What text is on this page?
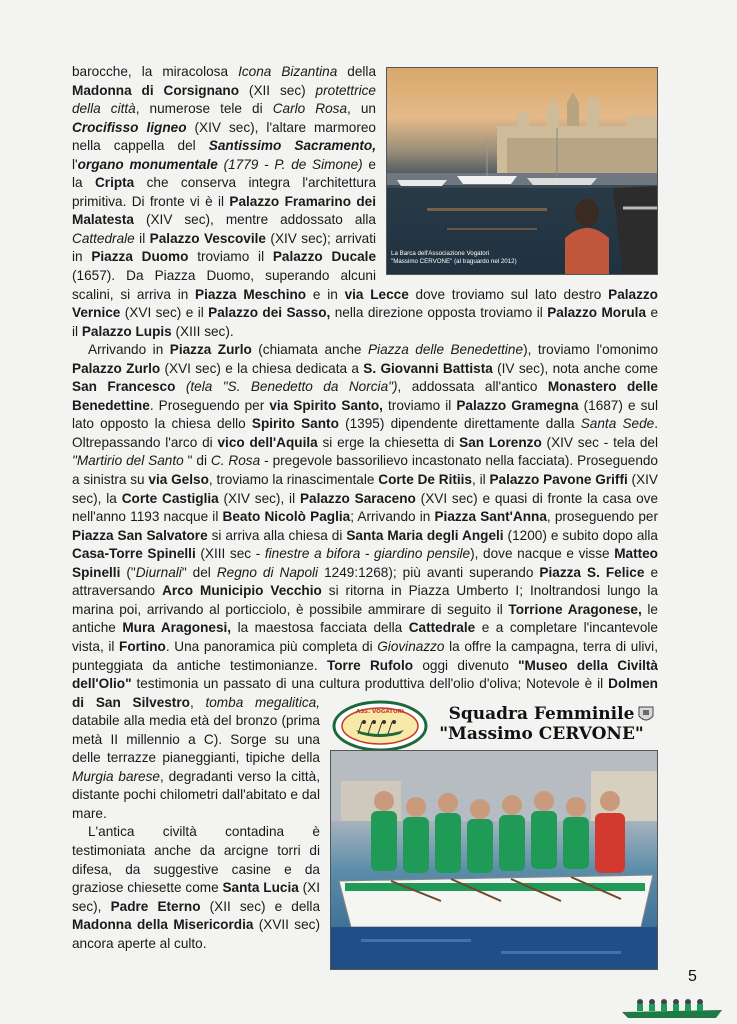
barocche, la miracolosa Icona Bizantina della Madonna di Corsignano (XII sec) protettrice della città, numerose tele di Carlo Rosa, un Crocifisso ligneo (XIV sec), l'altare marmoreo nella cappella del Santissimo Sacramento, l'organo monumentale (1779 - P. de Simone) e la Cripta che conserva integra l'architettura primitiva. Di fronte vi è il Palazzo Framarino dei Malatesta (XIV sec), mentre addossato alla Cattedrale il Palazzo Vescovile (XIV sec); arrivati in Piazza Duomo troviamo il Palazzo Ducale (1657). Da Piazza Duomo, superando alcuni scalini, si arriva in Piazza Meschino e in via Lecce dove troviamo sul lato destro Palazzo Vernice (XVI sec) e il Palazzo dei Sasso, nella direzione opposta troviamo il Palazzo Morula e il Palazzo Lupis (XIII sec).

Arrivando in Piazza Zurlo (chiamata anche Piazza delle Benedettine), troviamo l'omonimo Palazzo Zurlo (XVI sec) e la chiesa dedicata a S. Giovanni Battista (IV sec), nota anche come San Francesco (tela "S. Benedetto da Norcia"), addossata all'antico Monastero delle Benedettine. Proseguendo per via Spirito Santo, troviamo il Palazzo Gramegna (1687) e sul lato opposto la chiesa dello Spirito Santo (1395) dipendente direttamente dalla Santa Sede. Oltrepassando l'arco di vico dell'Aquila si erge la chiesetta di San Lorenzo (XIV sec - tela del "Martirio del Santo " di C. Rosa - pregevole bassorilievo incastonato nella facciata). Proseguendo a sinistra su via Gelso, troviamo la rinascimentale Corte De Ritiis, il Palazzo Pavone Griffi (XIV sec), la Corte Castiglia (XIV sec), il Palazzo Saraceno (XVI sec) e quasi di fronte la casa ove nell'anno 1193 nacque il Beato Nicolò Paglia; Arrivando in Piazza Sant'Anna, proseguendo per Piazza San Salvatore si arriva alla chiesa di Santa Maria degli Angeli (1200) e subito dopo alla Casa-Torre Spinelli (XIII sec - finestre a bifora - giardino pensile), dove nacque e visse Matteo Spinelli ("Diurnali" del Regno di Napoli 1249:1268); più avanti superando Piazza S. Felice e attraversando Arco Municipio Vecchio si ritorna in Piazza Umberto I; Inoltrandosi lungo la marina poi, arrivando al porticciolo, è possibile ammirare di seguito il Torrione Aragonese, le antiche Mura Aragonesi, la maestosa facciata della Cattedrale e a completare l'incantevole vista, il Fortino. Una panoramica più completa di Giovinazzo la offre la campagna, terra di ulivi, punteggiata da antiche testimonianze. Torre Rufolo oggi divenuto "Museo della Civiltà dell'Olio" testimonia un passato di una cultura produttiva dell'olio d'oliva; Notevole è il Dolmen di San Silvestro, tomba megalitica,
databile alla media età del bronzo (prima metà II millennio a C). Sorge su una delle terrazze pianeggianti, tipiche della Murgia barese, degradanti verso la città, distante pochi chilometri dall'abitato e dal mare.

L'antica civiltà contadina è testimoniata anche da arcigne torri di difesa, da suggestive casine e da graziose chiesette come Santa Lucia (XI sec), Padre Eterno (XII sec) e della Madonna della Misericordia (XVII sec) ancora aperte al culto.

La Barca dell'Associazione Vogatori
"Massimo CERVONE" (al traguardo nel 2012)
ASS. VOGATORI	Squadra Femminile
"Massimo CERVONE"
5
